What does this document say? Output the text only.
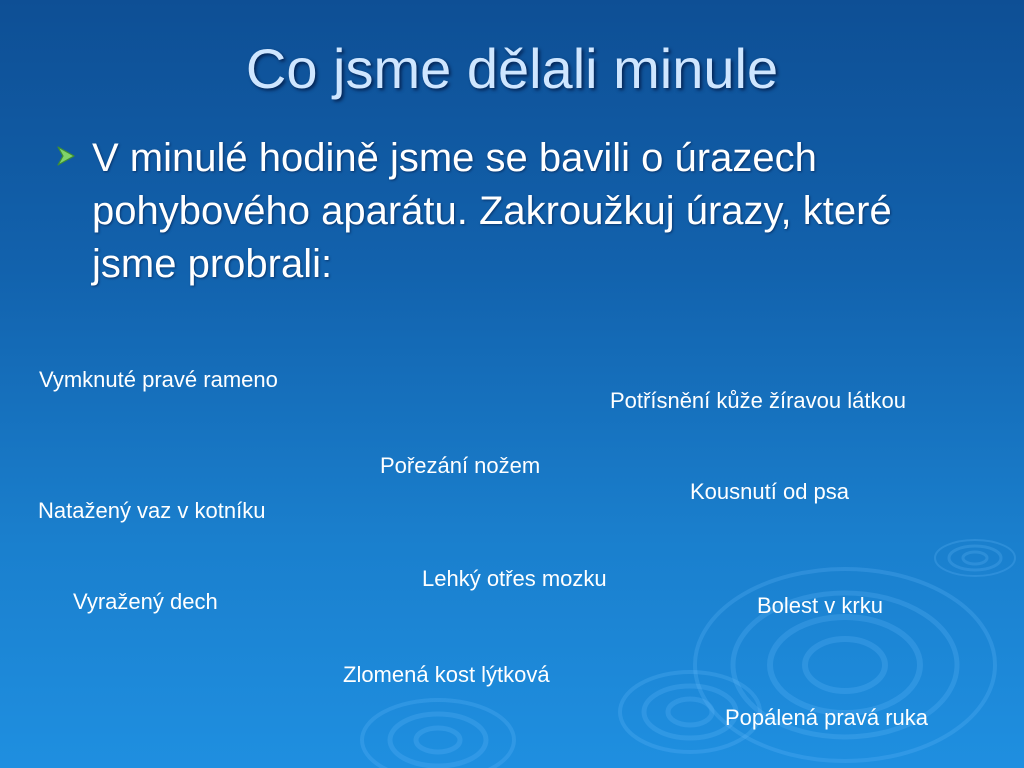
Co jsme dělali minule
V minulé hodině jsme se bavili o úrazech pohybového aparátu. Zakroužkuj úrazy, které jsme probrali:
Vymknuté pravé rameno
Potřísnění kůže žíravou látkou
Pořezání nožem
Kousnutí od psa
Natažený vaz v kotníku
Lehký otřes mozku
Vyražený dech	Bolest v krku
Zlomená kost lýtková
Popálená pravá ruka
